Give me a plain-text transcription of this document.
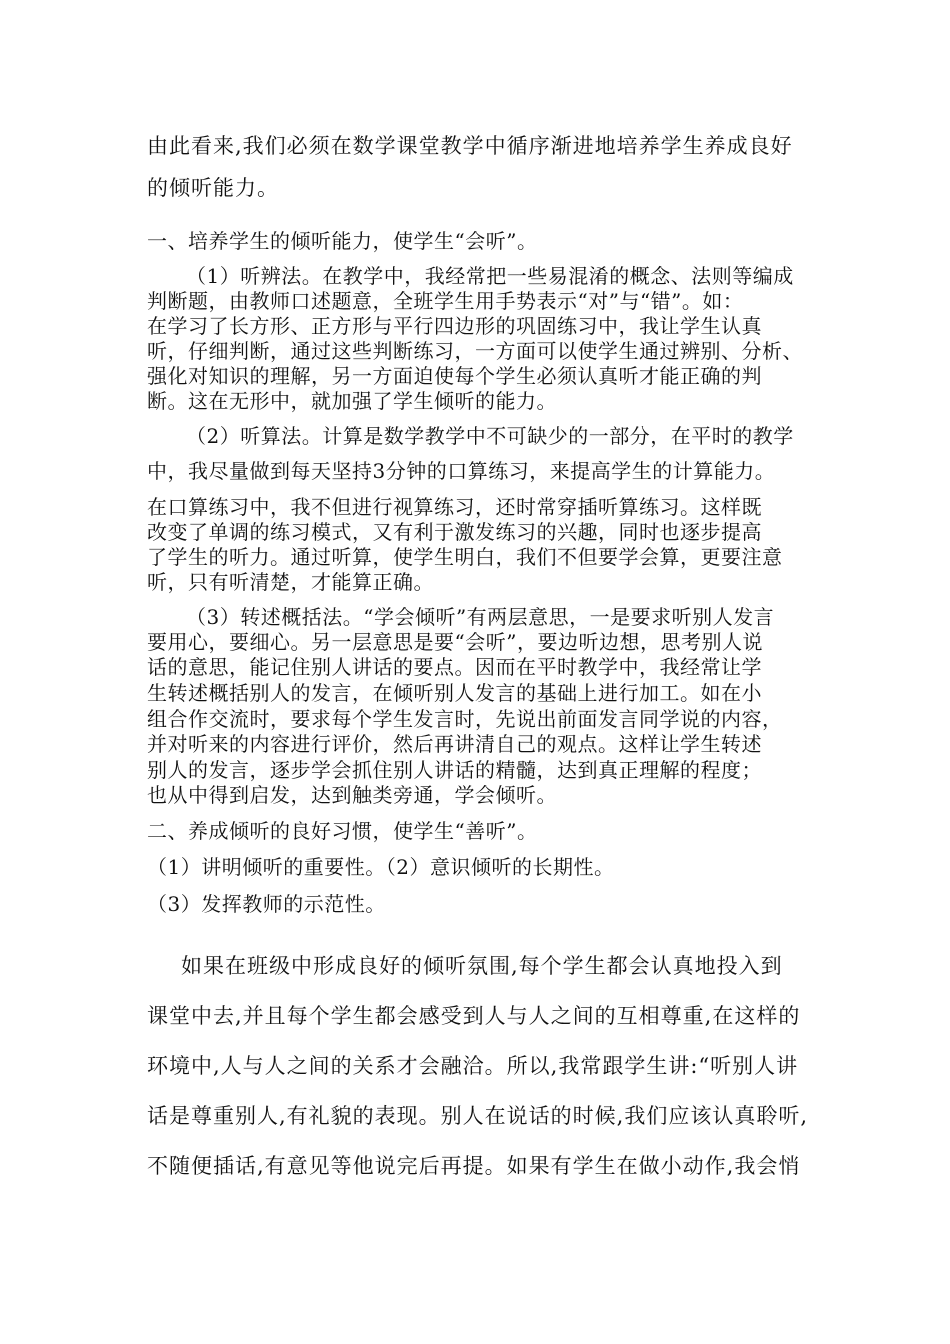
由此看来,我们必须在数学课堂教学中循序渐进地培养学生养成良好
的倾听能力。
一、培养学生的倾听能力，使学生“会听”。
（1）听辨法。在教学中，我经常把一些易混淆的概念、法则等编成
判断题，由教师口述题意，全班学生用手势表示“对”与“错”。如：
在学习了长方形、正方形与平行四边形的巩固练习中，我让学生认真
听，仔细判断，通过这些判断练习，一方面可以使学生通过辨别、分析、
强化对知识的理解，另一方面迫使每个学生必须认真听才能正确的判
断。这在无形中，就加强了学生倾听的能力。
（2）听算法。计算是数学教学中不可缺少的一部分，在平时的教学
中，我尽量做到每天坚持3分钟的口算练习，来提高学生的计算能力。
在口算练习中，我不但进行视算练习，还时常穿插听算练习。这样既
改变了单调的练习模式，又有利于激发练习的兴趣，同时也逐步提高
了学生的听力。通过听算，使学生明白，我们不但要学会算，更要注意
听，只有听清楚，才能算正确。
（3）转述概括法。“学会倾听”有两层意思，一是要求听别人发言
要用心，要细心。另一层意思是要“会听”，要边听边想，思考别人说
话的意思，能记住别人讲话的要点。因而在平时教学中，我经常让学
生转述概括别人的发言，在倾听别人发言的基础上进行加工。如在小
组合作交流时，要求每个学生发言时，先说出前面发言同学说的内容，
并对听来的内容进行评价，然后再讲清自己的观点。这样让学生转述
别人的发言，逐步学会抓住别人讲话的精髓，达到真正理解的程度；
也从中得到启发，达到触类旁通，学会倾听。
二、养成倾听的良好习惯，使学生“善听”。
（1）讲明倾听的重要性。（2）意识倾听的长期性。
（3）发挥教师的示范性。
如果在班级中形成良好的倾听氛围,每个学生都会认真地投入到
课堂中去,并且每个学生都会感受到人与人之间的互相尊重,在这样的
环境中,人与人之间的关系才会融洽。所以,我常跟学生讲:“听别人讲
话是尊重别人,有礼貌的表现。别人在说话的时候,我们应该认真聆听,
不随便插话,有意见等他说完后再提。如果有学生在做小动作,我会悄
